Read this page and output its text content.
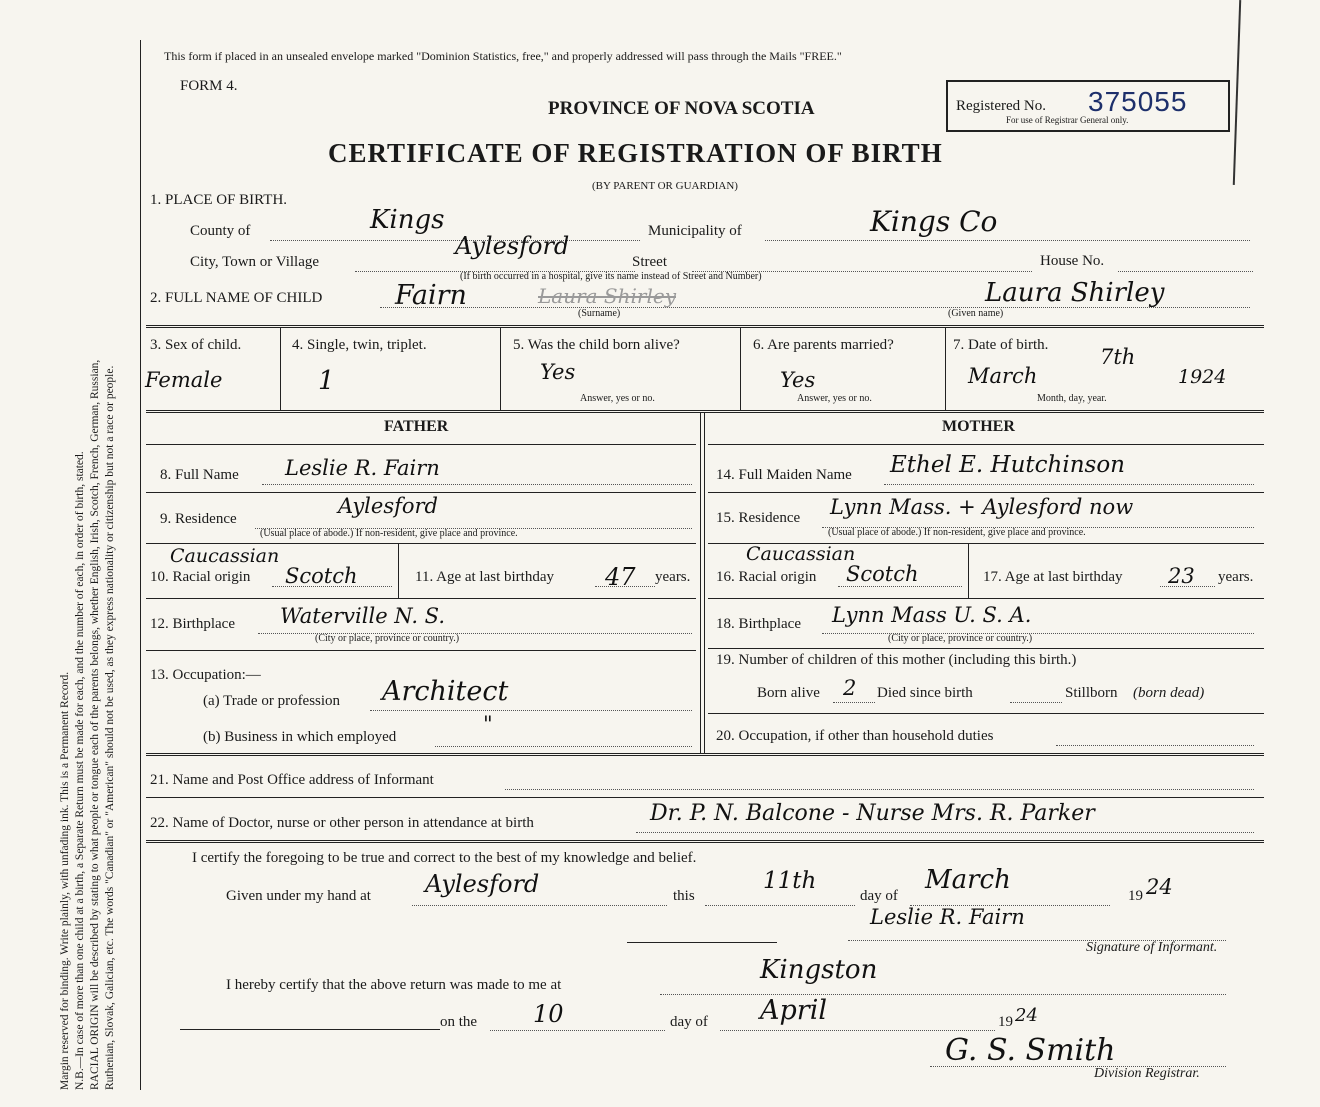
Margin reserved for binding. Write plainly, with unfading ink. This is a Permanent Record. N.B.—In case of more than one child at a birth, a Separate Return must be made for each, and the number of each, in order of birth, stated. RACIAL ORIGIN will be described by stating to what people or tongue each of the parents belongs, whether English, Irish, Scotch, French, German, Russian, Ruthenian, Slovak, Galician, etc. The words "Canadian" or "American" should not be used, as they express nationality or citizenship but not a race or people.
This form if placed in an unsealed envelope marked "Dominion Statistics, free," and properly addressed will pass through the Mails "FREE."
FORM 4.
PROVINCE OF NOVA SCOTIA
CERTIFICATE OF REGISTRATION OF BIRTH
(BY PARENT OR GUARDIAN)
Registered No. 375055
For use of Registrar General only.
1. PLACE OF BIRTH.
County of	Kings	Municipality of	Kings Co
City, Town or Village
Aylesford
Street	House No.
(If birth occurred in a hospital, give its name instead of Street and Number)
2. FULL NAME OF CHILD	Fairn	Laura Shirley
(Surname)
Laura Shirley
(Given name)
3. Sex of child.
Female
4. Single, twin, triplet.
1
5. Was the child born alive?
Yes
Answer, yes or no.
6. Are parents married?
Yes
Answer, yes or no.
7. Date of birth.
March
7th
1924
Month, day, year.
FATHER	MOTHER
8. Full Name Leslie R. Fairn
9. Residence
Aylesford
(Usual place of abode.) If non-resident, give place and province.
Caucassian
10. Racial origin Scotch	11. Age at last birthday 47 years.
12. Birthplace Waterville N. S.
(City or place, province or country.)
13. Occupation:—
(a) Trade or profession Architect
(b) Business in which employed
"
14. Full Maiden Name Ethel E. Hutchinson
15. Residence Lynn Mass. + Aylesford now
(Usual place of abode.) If non-resident, give place and province.
Caucassian
16. Racial origin Scotch	17. Age at last birthday 23 years.
18. Birthplace Lynn Mass U. S. A.
(City or place, province or country.)
19. Number of children of this mother (including this birth.)
Born alive 2 Died since birth	Stillborn (born dead)
20. Occupation, if other than household duties
21. Name and Post Office address of Informant
22. Name of Doctor, nurse or other person in attendance at birth	Dr. P. N. Balcone - Nurse Mrs. R. Parker
I certify the foregoing to be true and correct to the best of my knowledge and belief.
Given under my hand at Aylesford	this
11th
day of
March
19 24
Leslie R. Fairn
Signature of Informant.
I hereby certify that the above return was made to me at	Kingston
on the 10	day of April	19 24
G. S. Smith
Division Registrar.
